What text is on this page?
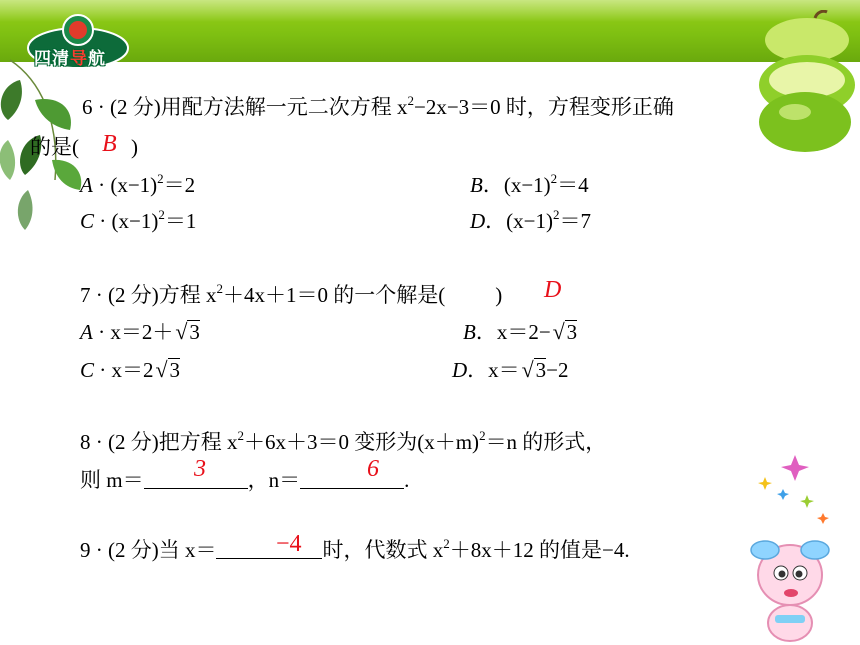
四清导航
6 · (2 分)用配方法解一元二次方程 $x^2-2x-3=0$ 时，方程变形正确
的是( )
B
$A \cdot (x-1)^2=2$	B．$(x-1)^2=4$
$C \cdot (x-1)^2=1$	D．$(x-1)^2=7$
7 · (2 分)方程 $x^2+4x+1=0$ 的一个解是( ) D
A · x＝2＋ √ 3	B．x＝2− √ 3
C · x＝2 √ 3	D．x＝ √ 3−2
8 · (2 分)把方程 $x^2+6x+3=0$ 变形为$(x+m)^2=n$ 的形式，
则 m＝	，n＝	.
3	6
9 · (2 分)当 x＝	时，代数式 $x^2+8x+12$ 的值是−4.
−4
